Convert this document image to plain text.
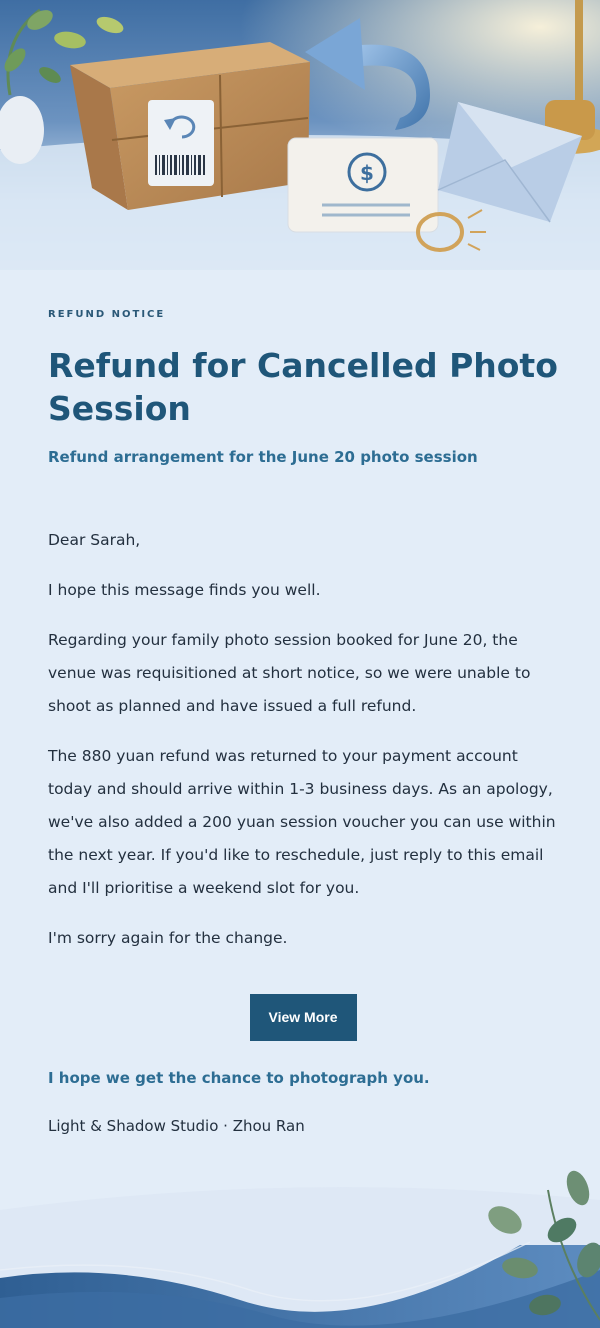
$
REFUND NOTICE
Refund for Cancelled Photo Session
Refund arrangement for the June 20 photo session

Dear Sarah,

I hope this message finds you well.

Regarding your family photo session booked for June 20, the venue was requisitioned at short notice, so we were unable to shoot as planned and have issued a full refund.

The 880 yuan refund was returned to your payment account today and should arrive within 1-3 business days. As an apology, we've also added a 200 yuan session voucher you can use within the next year. If you'd like to reschedule, just reply to this email and I'll prioritise a weekend slot for you.

I'm sorry again for the change.

View More
I hope we get the chance to photograph you.
Light & Shadow Studio · Zhou Ran
